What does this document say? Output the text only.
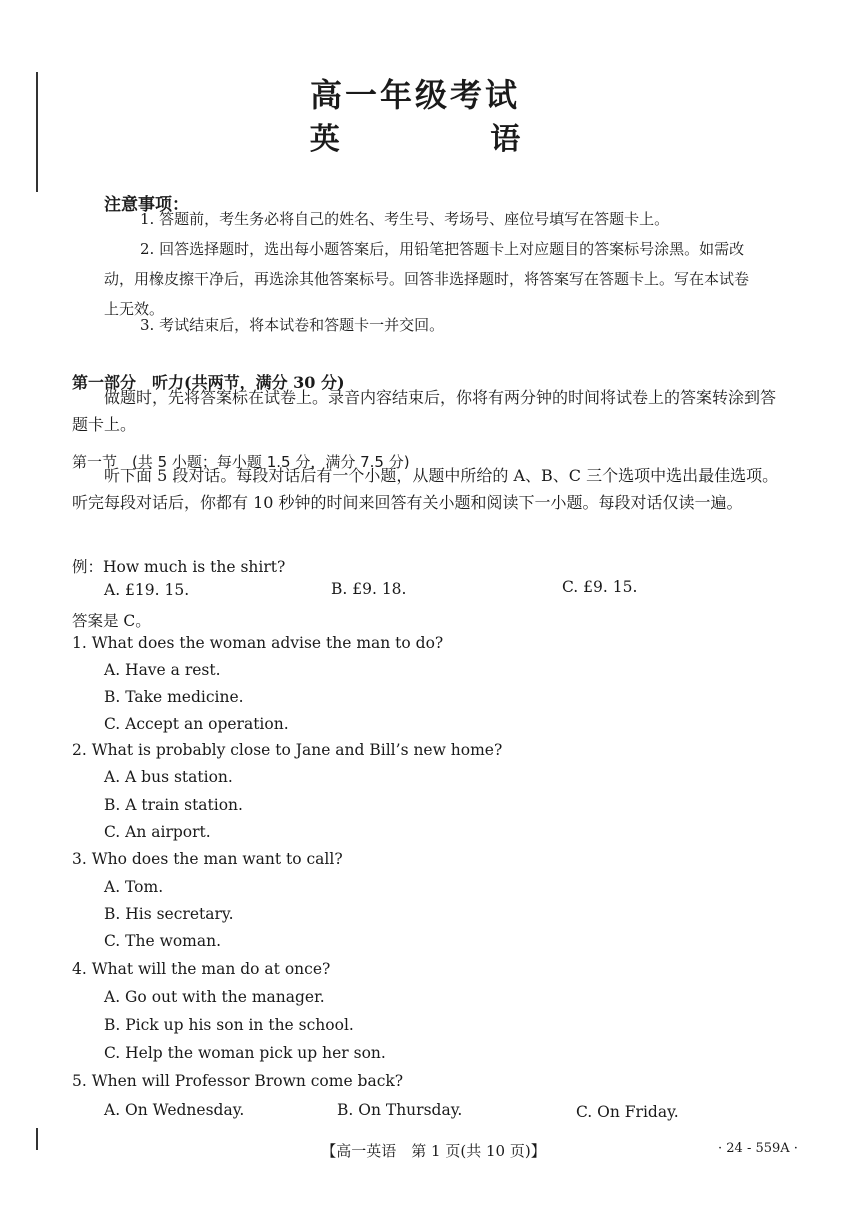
高一年级考试
英 语
注意事项：
1. 答题前，考生务必将自己的姓名、考生号、考场号、座位号填写在答题卡上。
2. 回答选择题时，选出每小题答案后，用铅笔把答题卡上对应题目的答案标号涂黑。如需改动，用橡皮擦干净后，再选涂其他答案标号。回答非选择题时，将答案写在答题卡上。写在本试卷上无效。
3. 考试结束后，将本试卷和答题卡一并交回。
第一部分　听力(共两节，满分 30 分)
做题时，先将答案标在试卷上。录音内容结束后，你将有两分钟的时间将试卷上的答案转涂到答题卡上。
第一节　(共 5 小题；每小题 1.5 分，满分 7.5 分)
听下面 5 段对话。每段对话后有一个小题，从题中所给的 A、B、C 三个选项中选出最佳选项。听完每段对话后，你都有 10 秒钟的时间来回答有关小题和阅读下一小题。每段对话仅读一遍。
例：How much is the shirt?
A. £19. 15.	B. £9. 18.	C. £9. 15.
答案是 C。
1. What does the woman advise the man to do?
A. Have a rest.
B. Take medicine.
C. Accept an operation.
2. What is probably close to Jane and Bill’s new home?
A. A bus station.
B. A train station.
C. An airport.
3. Who does the man want to call?
A. Tom.
B. His secretary.
C. The woman.
4. What will the man do at once?
A. Go out with the manager.
B. Pick up his son in the school.
C. Help the woman pick up her son.
5. When will Professor Brown come back?
A. On Wednesday.	B. On Thursday.	C. On Friday.
【高一英语　第 1 页(共 10 页)】	· 24 - 559A ·
